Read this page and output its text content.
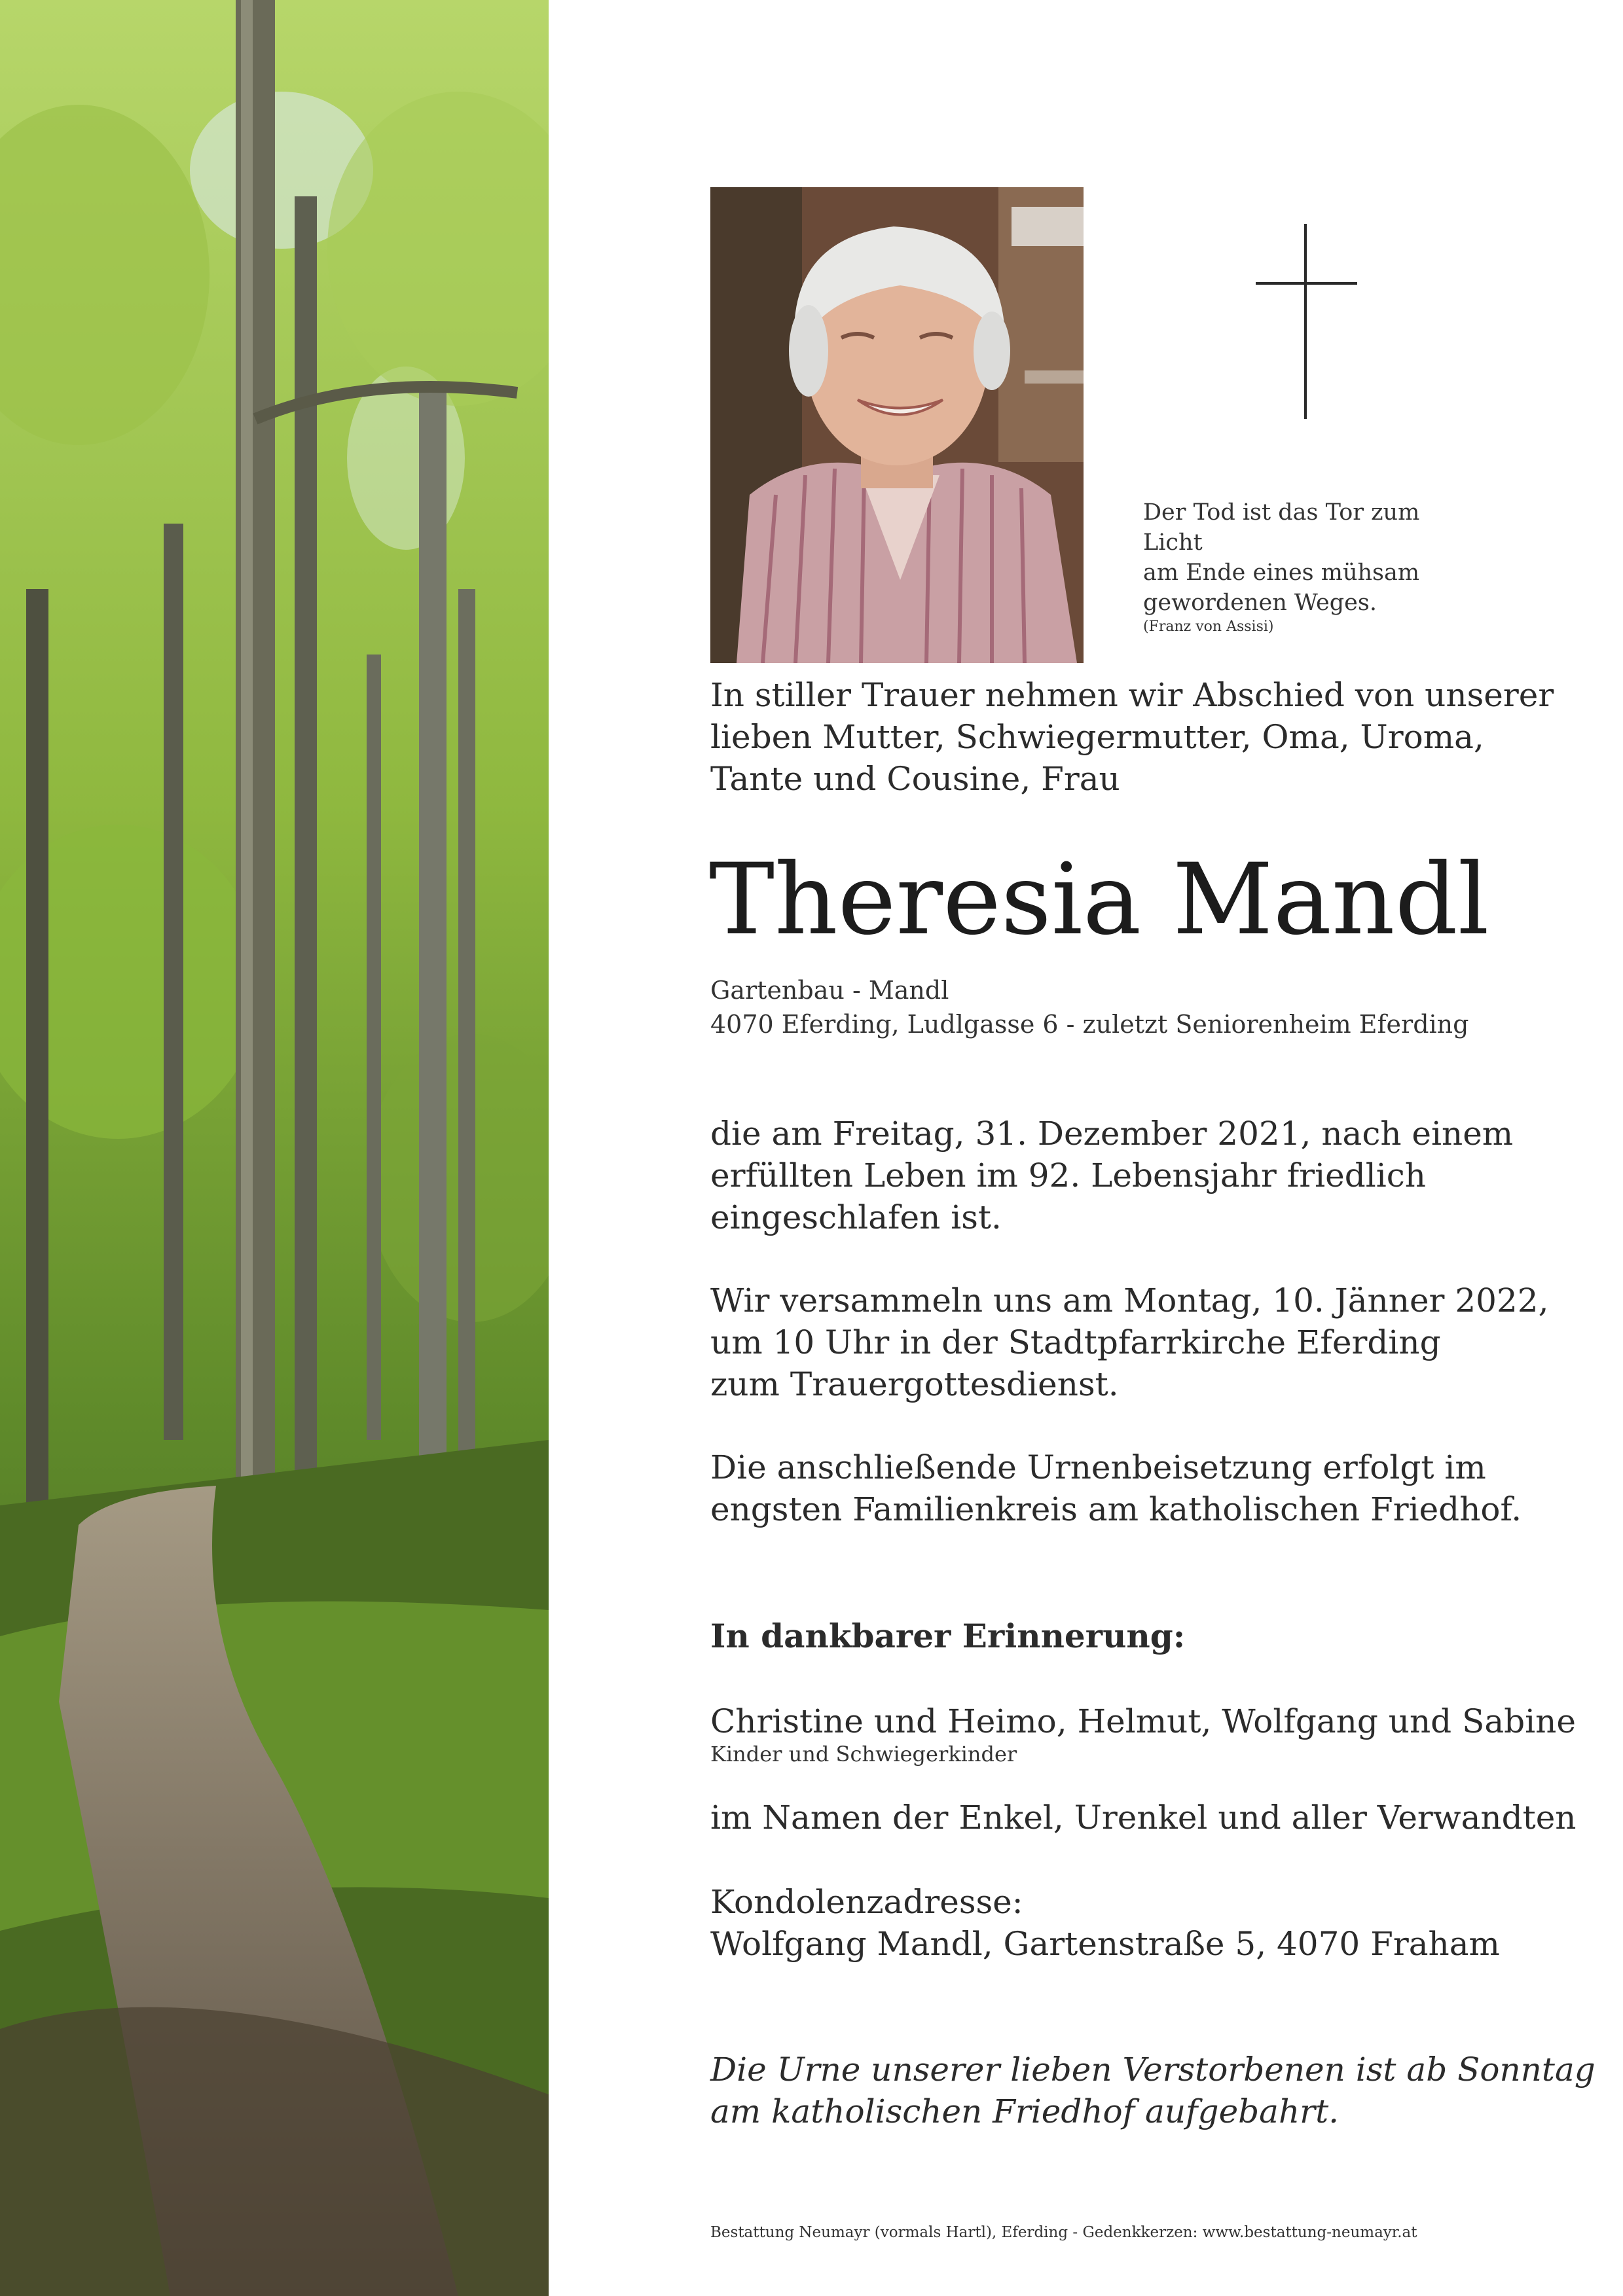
Der Tod ist das Tor zum Licht
am Ende eines mühsam
gewordenen Weges.
(Franz von Assisi)

In stiller Trauer nehmen wir Abschied von unserer

lieben Mutter, Schwiegermutter, Oma, Uroma,

Tante und Cousine, Frau

Theresia Mandl
Gartenbau - Mandl
4070 Eferding, Ludlgasse 6 - zuletzt Seniorenheim Eferding

die am Freitag, 31. Dezember 2021, nach einem

erfüllten Leben im 92. Lebensjahr friedlich

eingeschlafen ist.

Wir versammeln uns am Montag, 10. Jänner 2022,

um 10 Uhr in der Stadtpfarrkirche Eferding

zum Trauergottesdienst.

Die anschließende Urnenbeisetzung erfolgt im

engsten Familienkreis am katholischen Friedhof.

In dankbarer Erinnerung:
Christine und Heimo, Helmut, Wolfgang und Sabine
Kinder und Schwiegerkinder
im Namen der Enkel, Urenkel und aller Verwandten

Kondolenzadresse:

Wolfgang Mandl, Gartenstraße 5, 4070 Fraham

Die Urne unserer lieben Verstorbenen ist ab Sonntag

am katholischen Friedhof aufgebahrt.

Bestattung Neumayr (vormals Hartl), Eferding - Gedenkkerzen: www.bestattung-neumayr.at
